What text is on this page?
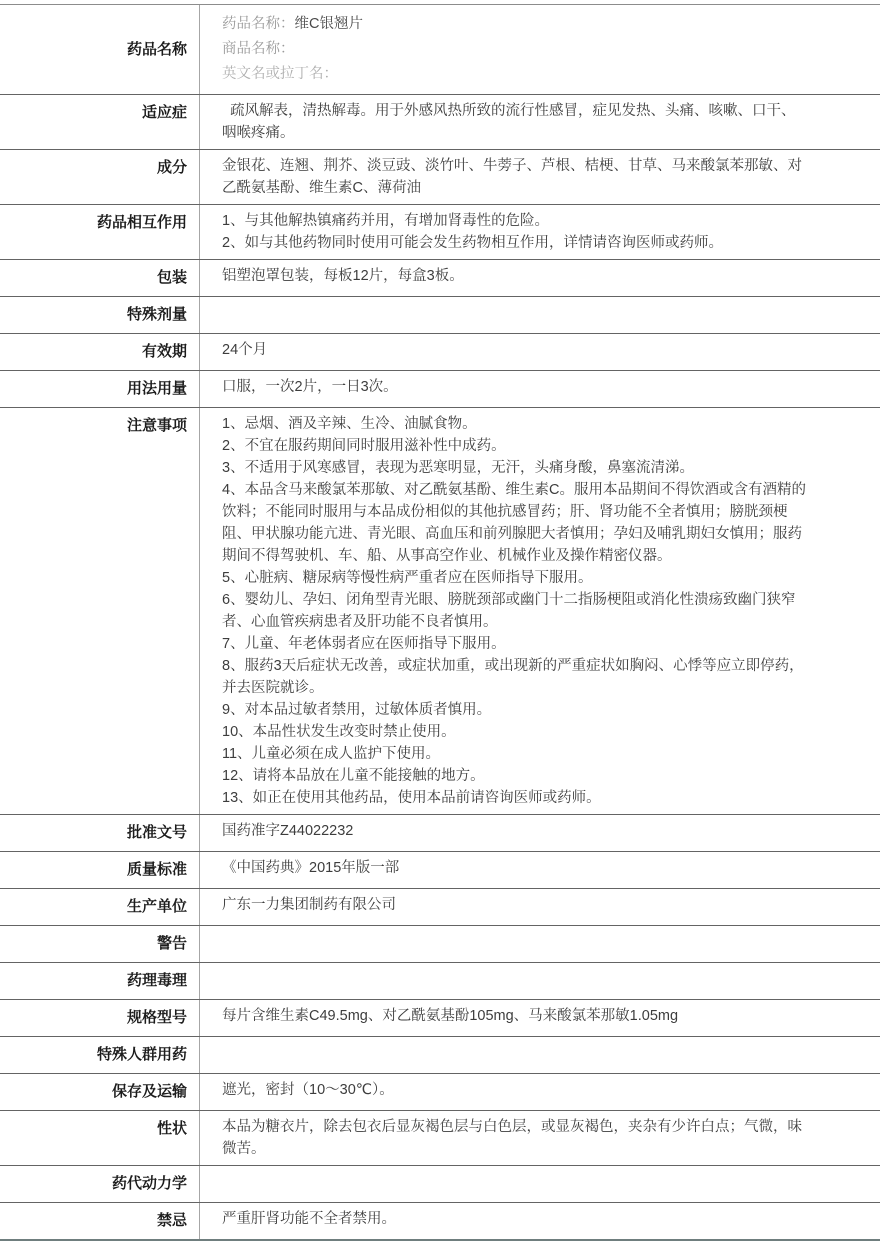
药品名称

药品名称：维C银翘片

商品名称：

英文名或拉丁名：

适应症	疏风解表，清热解毒。用于外感风热所致的流行性感冒，症见发热、头痛、咳嗽、口干、咽喉疼痛。

成分	金银花、连翘、荆芥、淡豆豉、淡竹叶、牛蒡子、芦根、桔梗、甘草、马来酸氯苯那敏、对乙酰氨基酚、维生素C、薄荷油

药品相互作用	1、与其他解热镇痛药并用，有增加肾毒性的危险。

2、如与其他药物同时使用可能会发生药物相互作用，详情请咨询医师或药师。

包装	铝塑泡罩包装，每板12片，每盒3板。

特殊剂量
有效期	24个月

用法用量	口服，一次2片，一日3次。

注意事项	1、忌烟、酒及辛辣、生冷、油腻食物。

2、不宜在服药期间同时服用滋补性中成药。

3、不适用于风寒感冒，表现为恶寒明显，无汗，头痛身酸，鼻塞流清涕。

4、本品含马来酸氯苯那敏、对乙酰氨基酚、维生素C。服用本品期间不得饮酒或含有酒精的饮料；不能同时服用与本品成份相似的其他抗感冒药；肝、肾功能不全者慎用；膀胱颈梗阻、甲状腺功能亢进、青光眼、高血压和前列腺肥大者慎用；孕妇及哺乳期妇女慎用；服药期间不得驾驶机、车、船、从事高空作业、机械作业及操作精密仪器。

5、心脏病、糖尿病等慢性病严重者应在医师指导下服用。

6、婴幼儿、孕妇、闭角型青光眼、膀胱颈部或幽门十二指肠梗阻或消化性溃疡致幽门狭窄者、心血管疾病患者及肝功能不良者慎用。

7、儿童、年老体弱者应在医师指导下服用。

8、服药3天后症状无改善，或症状加重，或出现新的严重症状如胸闷、心悸等应立即停药，并去医院就诊。

9、对本品过敏者禁用，过敏体质者慎用。

10、本品性状发生改变时禁止使用。

11、儿童必须在成人监护下使用。

12、请将本品放在儿童不能接触的地方。

13、如正在使用其他药品，使用本品前请咨询医师或药师。

批准文号	国药准字Z44022232

质量标准	《中国药典》2015年版一部

生产单位	广东一力集团制药有限公司

警告
药理毒理
规格型号	每片含维生素C49.5mg、对乙酰氨基酚105mg、马来酸氯苯那敏1.05mg

特殊人群用药
保存及运输	遮光，密封（10～30℃）。

性状	本品为糖衣片，除去包衣后显灰褐色层与白色层，或显灰褐色，夹杂有少许白点；气微，味微苦。

药代动力学
禁忌	严重肝肾功能不全者禁用。
